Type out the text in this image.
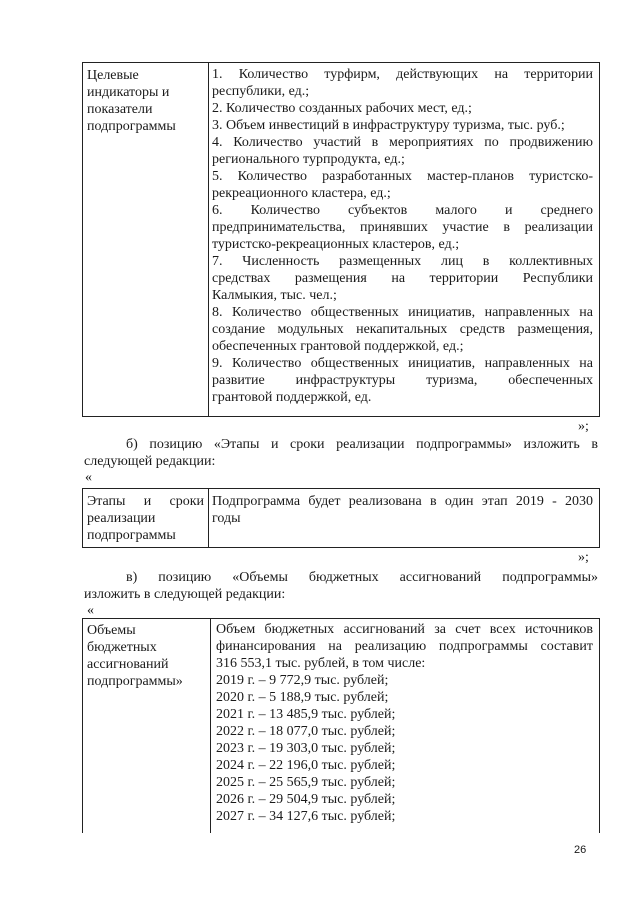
Целевые
индикаторы и
показатели
подпрограммы
1. Количество турфирм, действующих на территории
республики, ед.;
2. Количество созданных рабочих мест, ед.;
3. Объем инвестиций в инфраструктуру туризма, тыс. руб.;
4. Количество участий в мероприятиях по продвижению
регионального турпродукта, ед.;
5. Количество разработанных мастер-планов туристско-
рекреационного кластера, ед.;
6. Количество субъектов малого и среднего
предпринимательства, принявших участие в реализации
туристско-рекреационных кластеров, ед.;
7. Численность размещенных лиц в коллективных
средствах размещения на территории Республики
Калмыкия, тыс. чел.;
8. Количество общественных инициатив, направленных на
создание модульных некапитальных средств размещения,
обеспеченных грантовой поддержкой, ед.;
9. Количество общественных инициатив, направленных на
развитие инфраструктуры туризма, обеспеченных
грантовой поддержкой, ед.
»;
б) позицию «Этапы и сроки реализации подпрограммы» изложить в
следующей редакции:
«
Этапы и сроки
реализации
подпрограммы
Подпрограмма будет реализована в один этап 2019 - 2030
годы
»;
в) позицию «Объемы бюджетных ассигнований подпрограммы»
изложить в следующей редакции:
«
Объемы
бюджетных
ассигнований
подпрограммы»
Объем бюджетных ассигнований за счет всех источников
финансирования на реализацию подпрограммы составит
316 553,1 тыс. рублей, в том числе:
2019 г. – 9 772,9 тыс. рублей;
2020 г. – 5 188,9 тыс. рублей;
2021 г. – 13 485,9 тыс. рублей;
2022 г. – 18 077,0 тыс. рублей;
2023 г. – 19 303,0 тыс. рублей;
2024 г. – 22 196,0 тыс. рублей;
2025 г. – 25 565,9 тыс. рублей;
2026 г. – 29 504,9 тыс. рублей;
2027 г. – 34 127,6 тыс. рублей;
26
